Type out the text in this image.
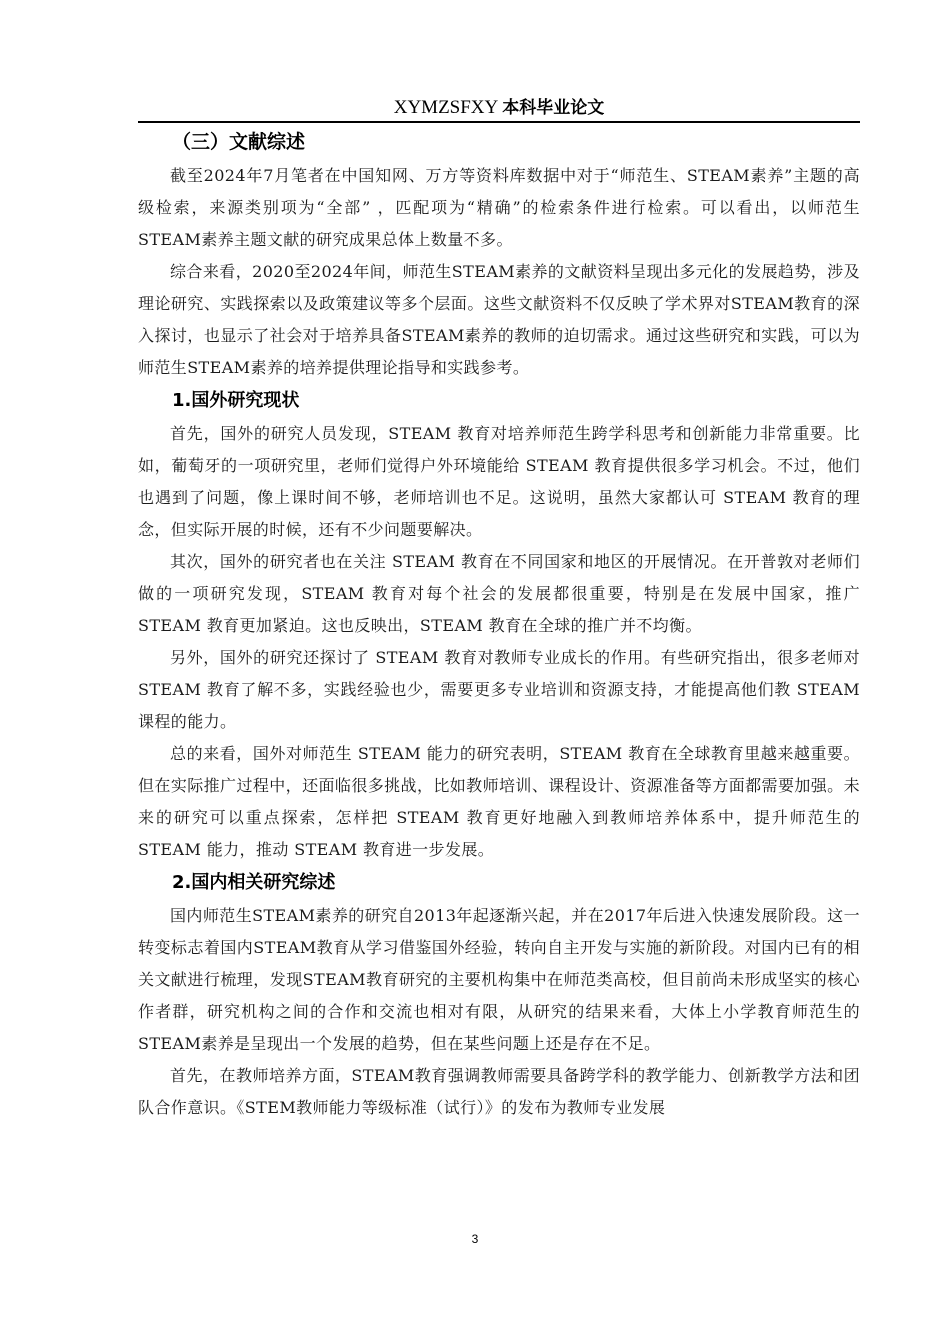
XYMZSFXY 本科毕业论文
（三）文献综述

截至2024年7月笔者在中国知网、万方等资料库数据中对于“师范生、STEAM素养”主题的高级检索，来源类别项为“全部” ，匹配项为“精确”的检索条件进行检索。可以看出，以师范生STEAM素养主题文献的研究成果总体上数量不多。

综合来看，2020至2024年间，师范生STEAM素养的文献资料呈现出多元化的发展趋势，涉及理论研究、实践探索以及政策建议等多个层面。这些文献资料不仅反映了学术界对STEAM教育的深入探讨，也显示了社会对于培养具备STEAM素养的教师的迫切需求。通过这些研究和实践，可以为师范生STEAM素养的培养提供理论指导和实践参考。

1.国外研究现状

首先，国外的研究人员发现，STEAM 教育对培养师范生跨学科思考和创新能力非常重要。比如，葡萄牙的一项研究里，老师们觉得户外环境能给 STEAM 教育提供很多学习机会。不过，他们也遇到了问题，像上课时间不够，老师培训也不足。这说明，虽然大家都认可 STEAM 教育的理念，但实际开展的时候，还有不少问题要解决。

其次，国外的研究者也在关注 STEAM 教育在不同国家和地区的开展情况。在开普敦对老师们做的一项研究发现，STEAM 教育对每个社会的发展都很重要，特别是在发展中国家，推广 STEAM 教育更加紧迫。这也反映出，STEAM 教育在全球的推广并不均衡。

另外，国外的研究还探讨了 STEAM 教育对教师专业成长的作用。有些研究指出，很多老师对 STEAM 教育了解不多，实践经验也少，需要更多专业培训和资源支持，才能提高他们教 STEAM 课程的能力。

总的来看，国外对师范生 STEAM 能力的研究表明，STEAM 教育在全球教育里越来越重要。但在实际推广过程中，还面临很多挑战，比如教师培训、课程设计、资源准备等方面都需要加强。未来的研究可以重点探索，怎样把 STEAM 教育更好地融入到教师培养体系中，提升师范生的 STEAM 能力，推动 STEAM 教育进一步发展。

2.国内相关研究综述

国内师范生STEAM素养的研究自2013年起逐渐兴起，并在2017年后进入快速发展阶段。这一转变标志着国内STEAM教育从学习借鉴国外经验，转向自主开发与实施的新阶段。对国内已有的相关文献进行梳理，发现STEAM教育研究的主要机构集中在师范类高校，但目前尚未形成坚实的核心作者群，研究机构之间的合作和交流也相对有限，从研究的结果来看，大体上小学教育师范生的STEAM素养是呈现出一个发展的趋势，但在某些问题上还是存在不足。

首先，在教师培养方面，STEAM教育强调教师需要具备跨学科的教学能力、创新教学方法和团队合作意识。《STEM教师能力等级标准（试行）》的发布为教师专业发展

3
